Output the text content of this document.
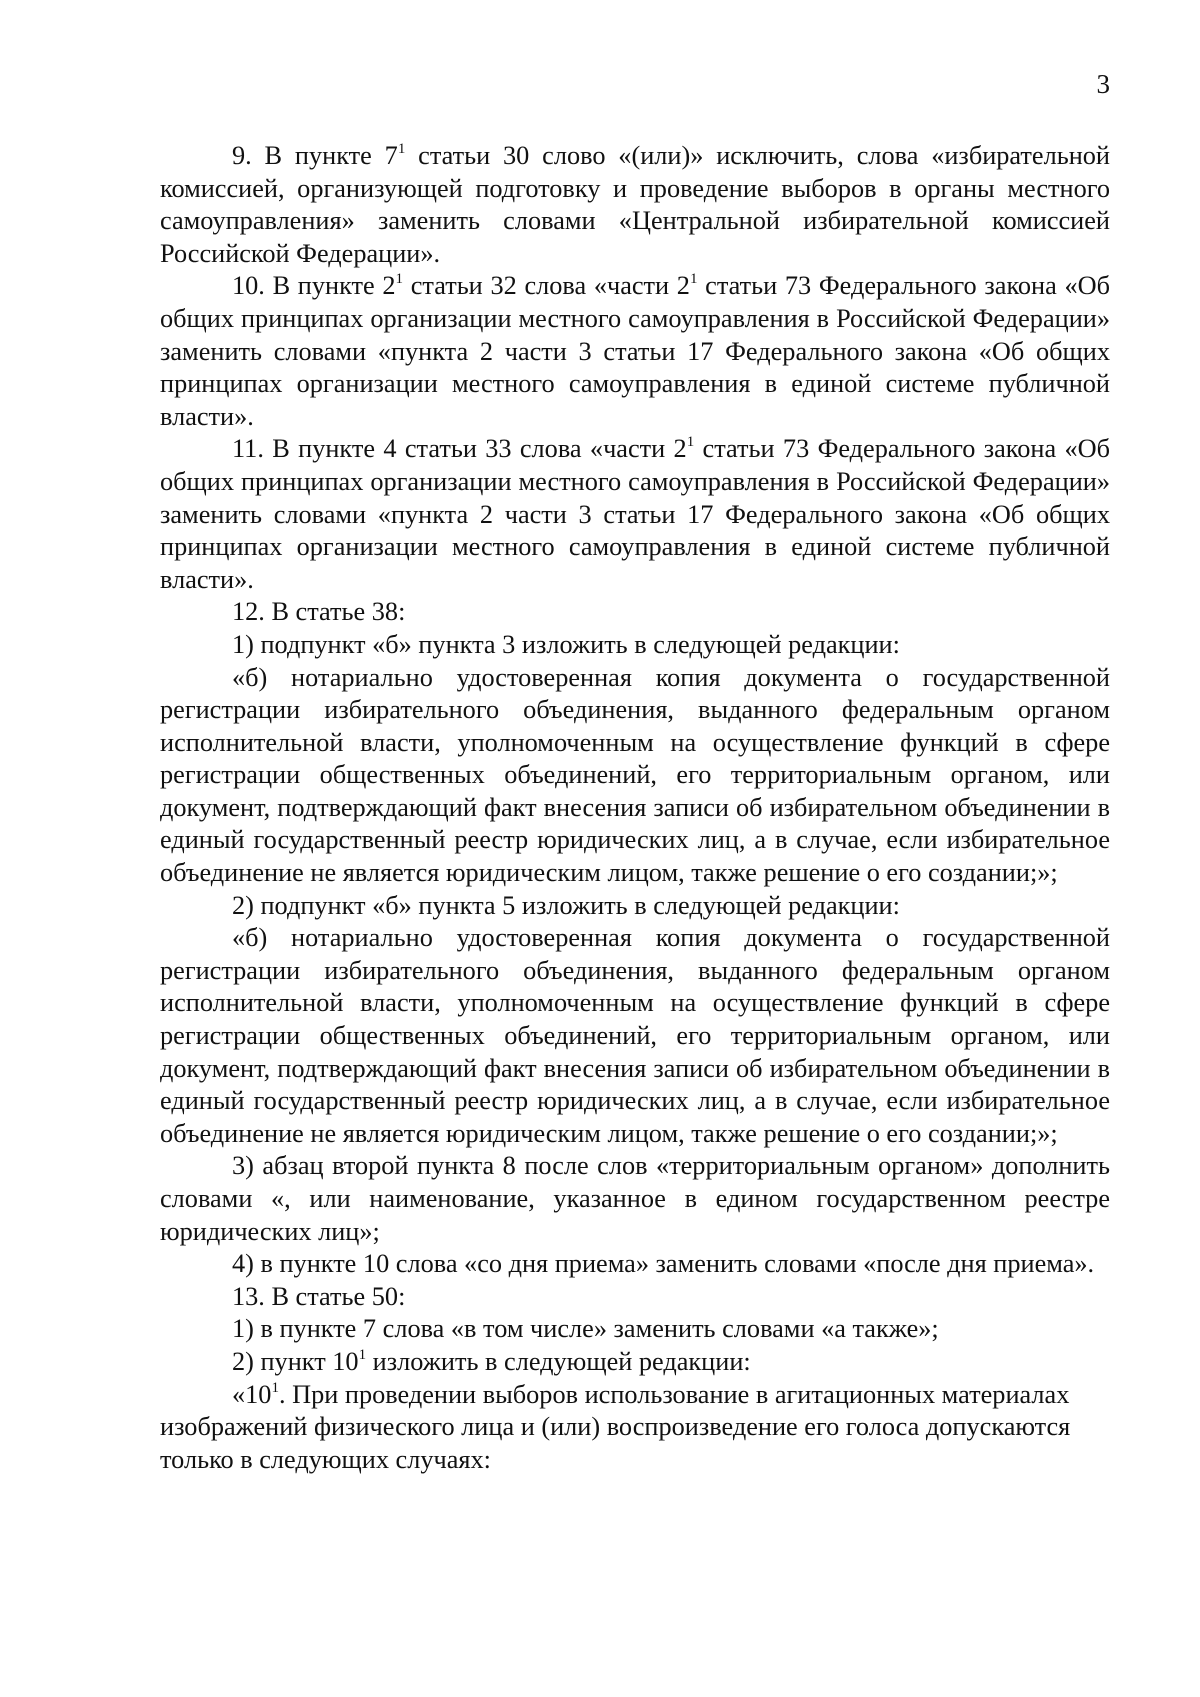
3

9. В пункте $7^1$ статьи 30 слово «(или)» исключить, слова «избирательной комиссией, организующей подготовку и проведение выборов в органы местного самоуправления» заменить словами «Центральной избирательной комиссией Российской Федерации».

10. В пункте $2^1$ статьи 32 слова «части $2^1$ статьи 73 Федерального закона «Об общих принципах организации местного самоуправления в Российской Федерации» заменить словами «пункта 2 части 3 статьи 17 Федерального закона «Об общих принципах организации местного самоуправления в единой системе публичной власти».

11. В пункте 4 статьи 33 слова «части $2^1$ статьи 73 Федерального закона «Об общих принципах организации местного самоуправления в Российской Федерации» заменить словами «пункта 2 части 3 статьи 17 Федерального закона «Об общих принципах организации местного самоуправления в единой системе публичной власти».

12. В статье 38:

1) подпункт «б» пункта 3 изложить в следующей редакции:

«б) нотариально удостоверенная копия документа о государственной регистрации избирательного объединения, выданного федеральным органом исполнительной власти, уполномоченным на осуществление функций в сфере регистрации общественных объединений, его территориальным органом, или документ, подтверждающий факт внесения записи об избирательном объединении в единый государственный реестр юридических лиц, а в случае, если избирательное объединение не является юридическим лицом, также решение о его создании;»;

2) подпункт «б» пункта 5 изложить в следующей редакции:

«б) нотариально удостоверенная копия документа о государственной регистрации избирательного объединения, выданного федеральным органом исполнительной власти, уполномоченным на осуществление функций в сфере регистрации общественных объединений, его территориальным органом, или документ, подтверждающий факт внесения записи об избирательном объединении в единый государственный реестр юридических лиц, а в случае, если избирательное объединение не является юридическим лицом, также решение о его создании;»;

3) абзац второй пункта 8 после слов «территориальным органом» дополнить словами «, или наименование, указанное в едином государственном реестре юридических лиц»;

4) в пункте 10 слова «со дня приема» заменить словами «после дня приема».

13. В статье 50:

1) в пункте 7 слова «в том числе» заменить словами «а также»;

2) пункт $10^1$ изложить в следующей редакции:

«$10^1$. При проведении выборов использование в агитационных материалах изображений физического лица и (или) воспроизведение его голоса допускаются только в следующих случаях:
